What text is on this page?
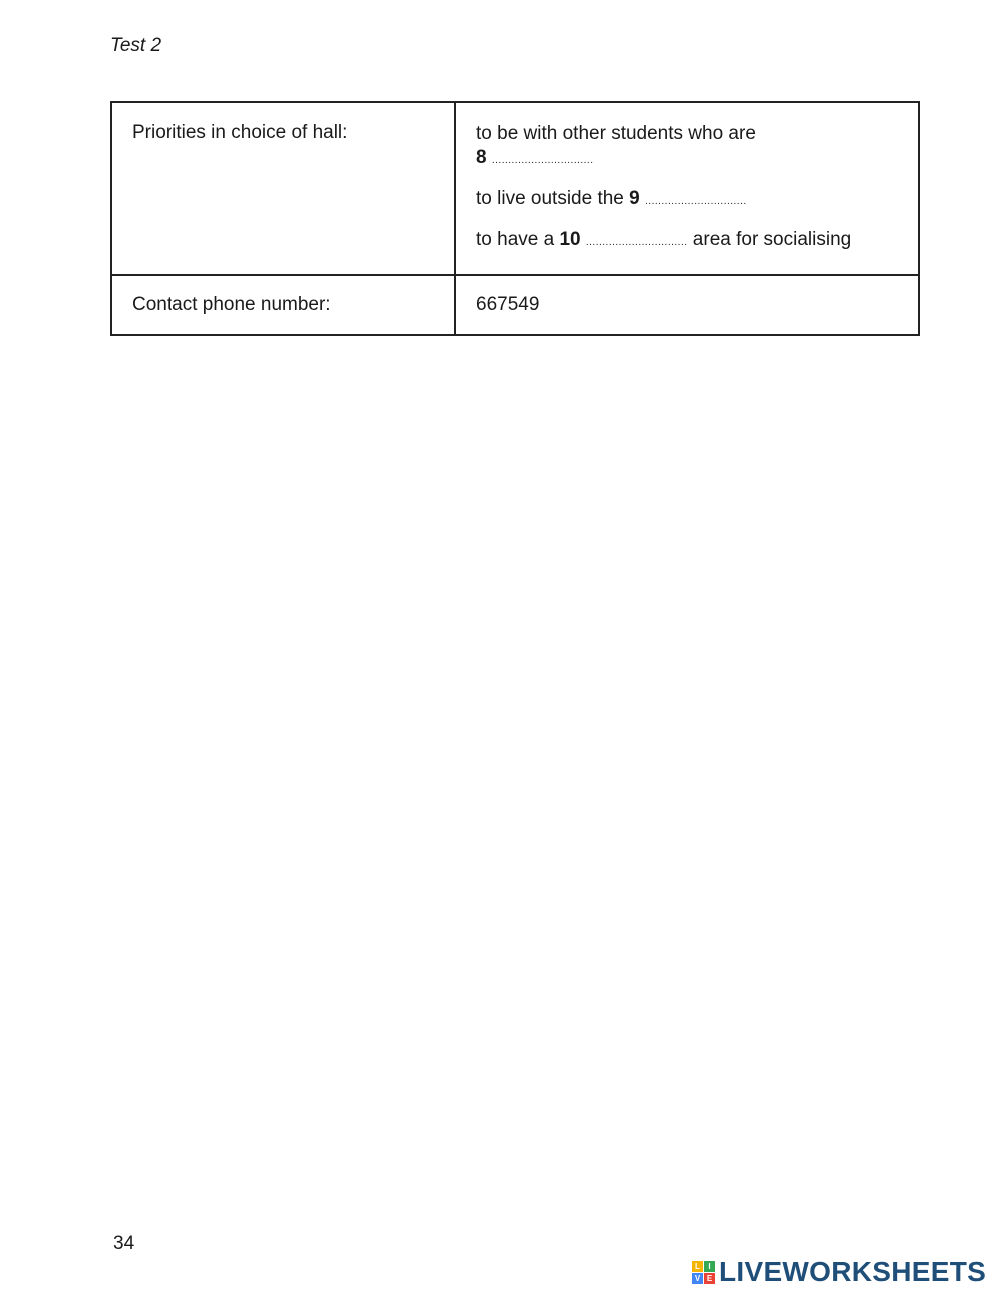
Test 2
Priorities in choice of hall:	to be with other students who are
8 ...............................

to live outside the 9 ...............................

to have a 10 ............................... area for socialising

Contact phone number:	667549
34
L	I
V E LIVEWORKSHEETS
